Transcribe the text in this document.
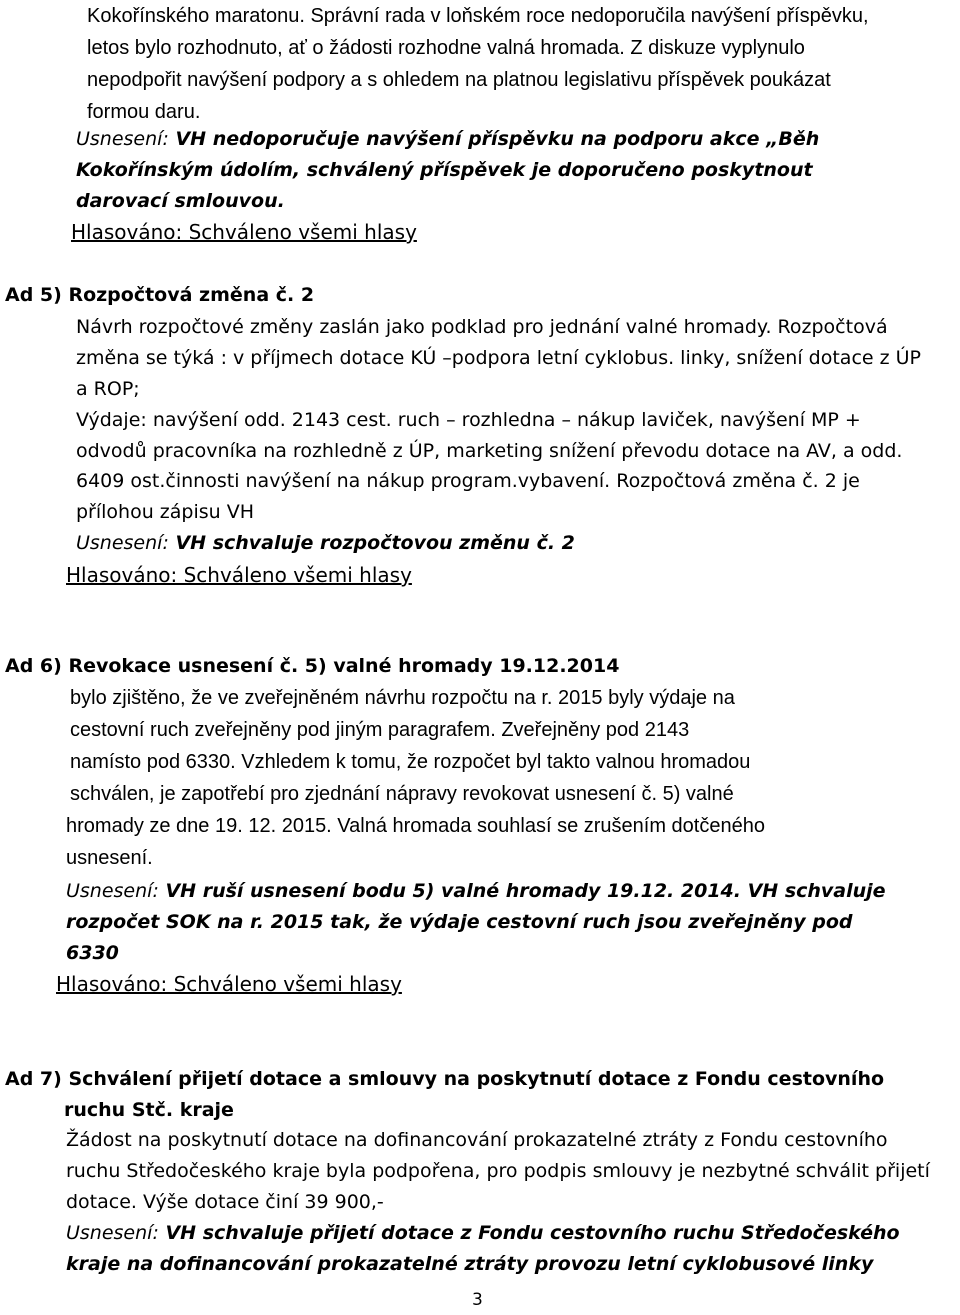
Kokořínského maratonu. Správní rada v loňském roce nedoporučila navýšení příspěvku,
letos bylo rozhodnuto, ať o žádosti rozhodne valná hromada. Z diskuze vyplynulo
nepodpořit navýšení podpory a s ohledem na platnou legislativu příspěvek poukázat
formou daru.
Usnesení: VH nedoporučuje navýšení příspěvku na podporu akce „Běh
Kokořínským údolím, schválený příspěvek je doporučeno poskytnout
darovací smlouvou.
Hlasováno: Schváleno všemi hlasy
Ad 5) Rozpočtová změna č. 2
Návrh rozpočtové změny zaslán jako podklad pro jednání valné hromady. Rozpočtová
změna se týká : v příjmech dotace KÚ –podpora letní cyklobus. linky, snížení dotace z ÚP
a ROP;
Výdaje: navýšení odd. 2143 cest. ruch – rozhledna – nákup laviček, navýšení MP +
odvodů pracovníka na rozhledně z ÚP, marketing snížení převodu dotace na AV, a odd.
6409 ost.činnosti navýšení na nákup program.vybavení. Rozpočtová změna č. 2 je
přílohou zápisu VH
Usnesení: VH schvaluje rozpočtovou změnu č. 2
Hlasováno: Schváleno všemi hlasy
Ad 6) Revokace usnesení č. 5) valné hromady 19.12.2014
bylo zjištěno, že ve zveřejněném návrhu rozpočtu na r. 2015 byly výdaje na
cestovní ruch zveřejněny pod jiným paragrafem. Zveřejněny pod 2143
namísto pod 6330. Vzhledem k tomu, že rozpočet byl takto valnou hromadou
schválen, je zapotřebí pro zjednání nápravy revokovat usnesení č. 5) valné
hromady ze dne 19. 12. 2015. Valná hromada souhlasí se zrušením dotčeného
usnesení.
Usnesení: VH ruší usnesení bodu 5) valné hromady 19.12. 2014. VH schvaluje
rozpočet SOK na r. 2015 tak, že výdaje cestovní ruch jsou zveřejněny pod
6330
Hlasováno: Schváleno všemi hlasy
Ad 7) Schválení přijetí dotace a smlouvy na poskytnutí dotace z Fondu cestovního
ruchu Stč. kraje
Žádost na poskytnutí dotace na dofinancování prokazatelné ztráty z Fondu cestovního
ruchu Středočeského kraje byla podpořena, pro podpis smlouvy je nezbytné schválit přijetí
dotace. Výše dotace činí 39 900,-
Usnesení: VH schvaluje přijetí dotace z Fondu cestovního ruchu Středočeského
kraje na dofinancování prokazatelné ztráty provozu letní cyklobusové linky
3
